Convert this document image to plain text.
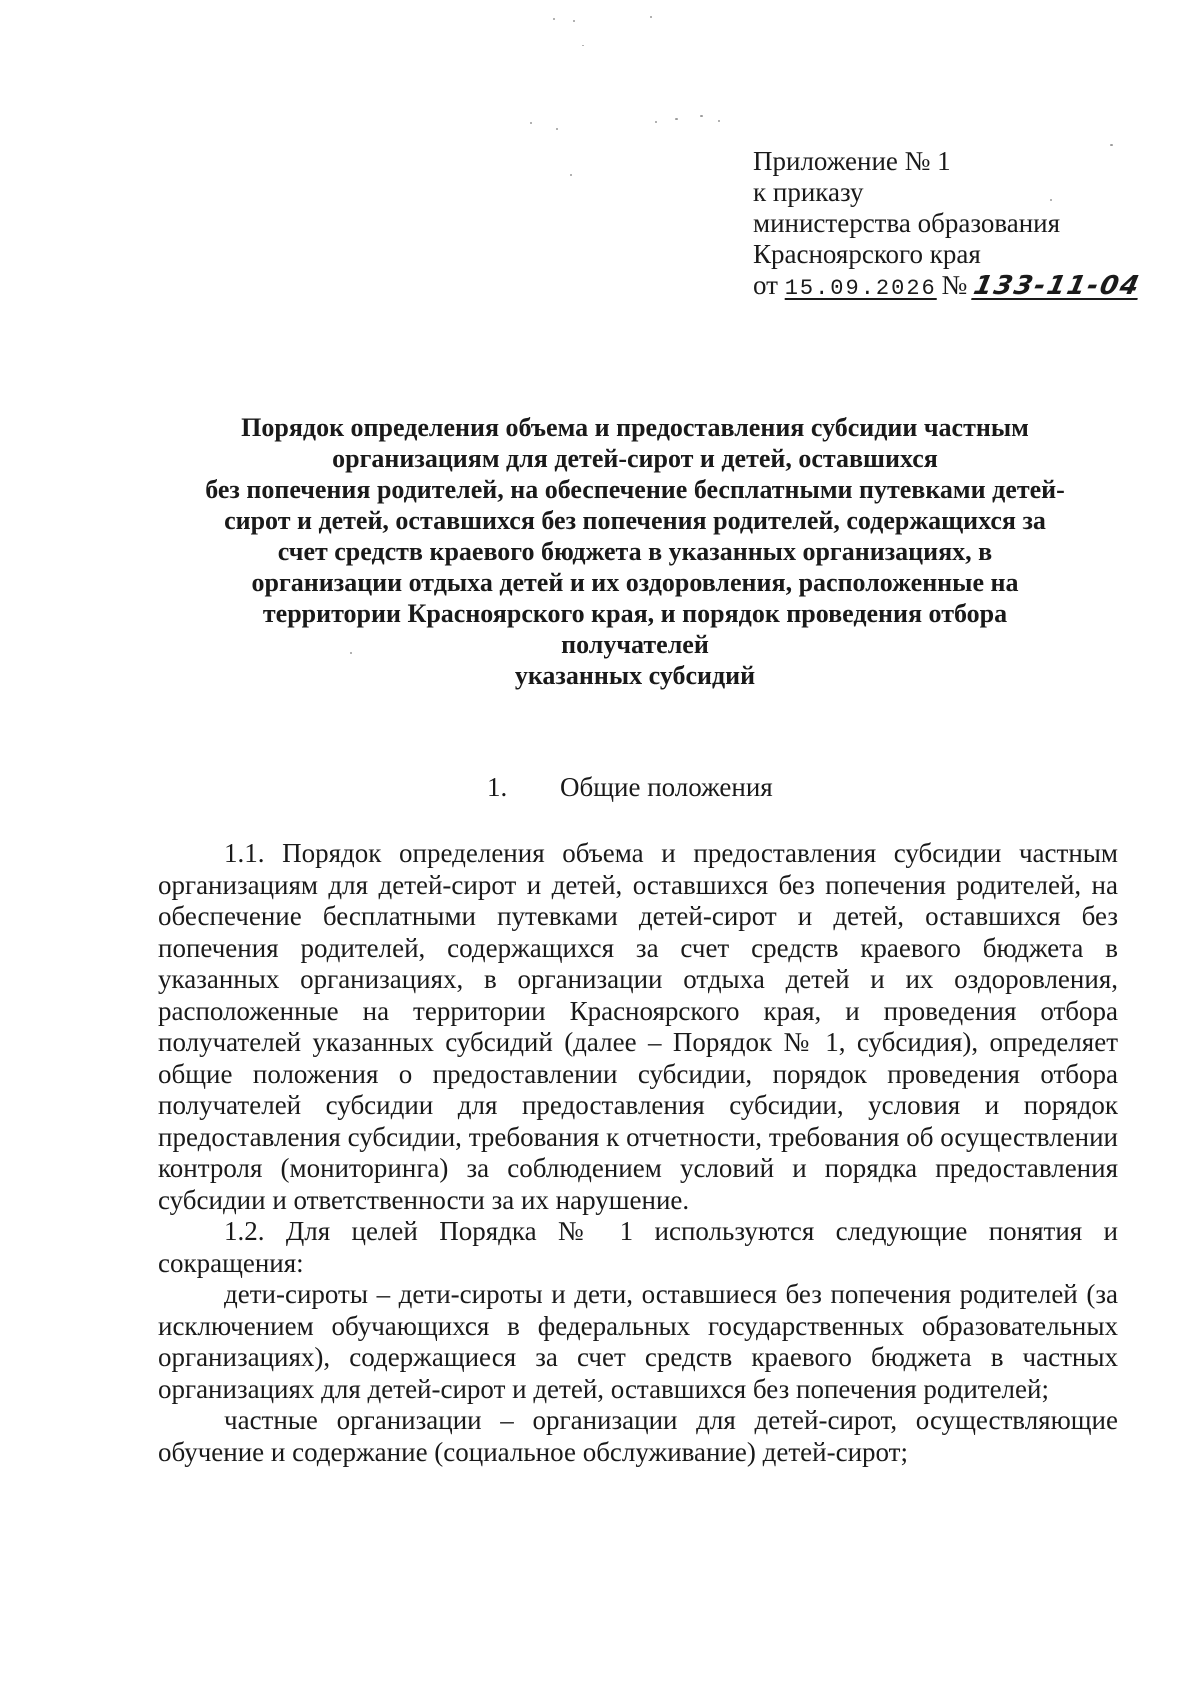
Приложение № 1
к приказу
министерства образования
Красноярского края
от 15.09.2026 № 133-11-04
Порядок определения объема и предоставления субсидии частным
организациям для детей-сирот и детей, оставшихся
без попечения родителей, на обеспечение бесплатными путевками детей-
сирот и детей, оставшихся без попечения родителей, содержащихся за
счет средств краевого бюджета в указанных организациях, в
организации отдыха детей и их оздоровления, расположенные на
территории Красноярского края, и порядок проведения отбора
получателей
указанных субсидий
1. Общие положения

1.1. Порядок определения объема и предоставления субсидии частным организациям для детей-сирот и детей, оставшихся без попечения родителей, на обеспечение бесплатными путевками детей-сирот и детей, оставшихся без попечения родителей, содержащихся за счет средств краевого бюджета в указанных организациях, в организации отдыха детей и их оздоровления, расположенные на территории Красноярского края, и проведения отбора получателей указанных субсидий (далее – Порядок № 1, субсидия), определяет общие положения о предоставлении субсидии, порядок проведения отбора получателей субсидии для предоставления субсидии, условия и порядок предоставления субсидии, требования к отчетности, требования об осуществлении контроля (мониторинга) за соблюдением условий и порядка предоставления субсидии и ответственности за их нарушение.

1.2. Для целей Порядка № 1 используются следующие понятия и сокращения:

дети-сироты – дети-сироты и дети, оставшиеся без попечения родителей (за исключением обучающихся в федеральных государственных образовательных организациях), содержащиеся за счет средств краевого бюджета в частных организациях для детей-сирот и детей, оставшихся без попечения родителей;

частные организации – организации для детей-сирот, осуществляющие обучение и содержание (социальное обслуживание) детей-сирот;
